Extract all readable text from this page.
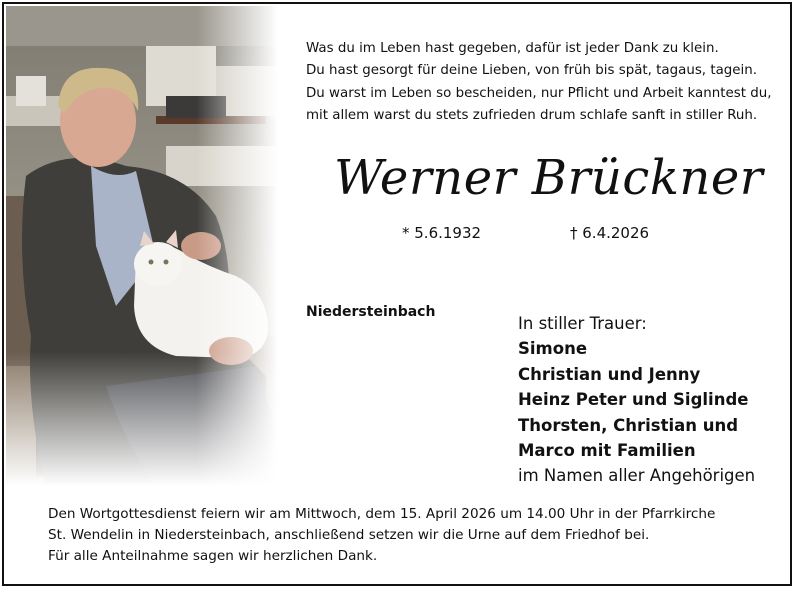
Was du im Leben hast gegeben, dafür ist jeder Dank zu klein.
Du hast gesorgt für deine Lieben, von früh bis spät, tagaus, tagein.
Du warst im Leben so bescheiden, nur Pflicht und Arbeit kanntest du,
mit allem warst du stets zufrieden drum schlafe sanft in stiller Ruh.
Werner Brückner
* 5.6.1932	† 6.4.2026
Niedersteinbach
In stiller Trauer:
Simone
Christian und Jenny
Heinz Peter und Siglinde
Thorsten, Christian und
Marco mit Familien
im Namen aller Angehörigen
Den Wortgottesdienst feiern wir am Mittwoch, dem 15. April 2026 um 14.00 Uhr in der Pfarrkirche
St. Wendelin in Niedersteinbach, anschließend setzen wir die Urne auf dem Friedhof bei.
Für alle Anteilnahme sagen wir herzlichen Dank.
